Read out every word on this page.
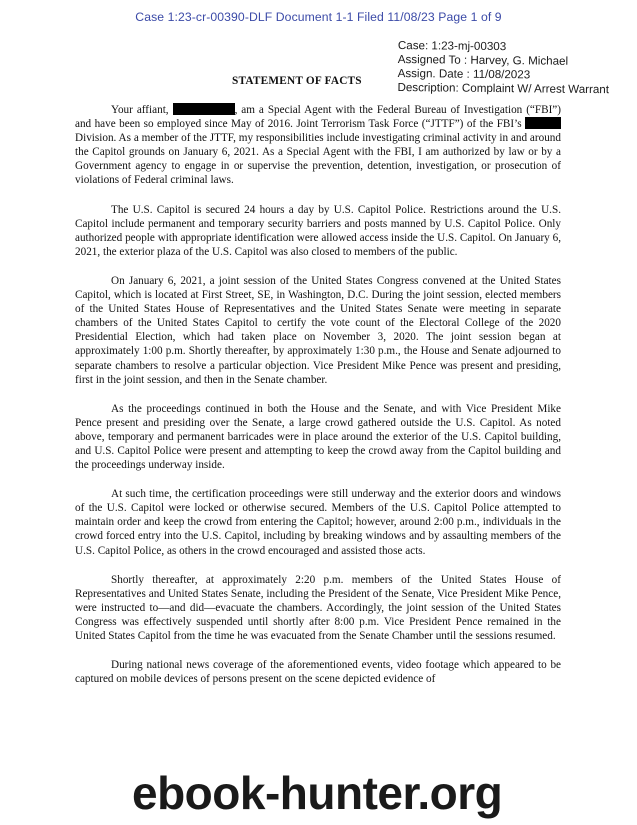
Case 1:23-cr-00390-DLF Document 1-1 Filed 11/08/23 Page 1 of 9
Case: 1:23-mj-00303
Assigned To : Harvey, G. Michael
Assign. Date : 11/08/2023
Description: Complaint W/ Arrest Warrant
STATEMENT OF FACTS

Your affiant,	, am a Special Agent with the Federal Bureau of Investigation (“FBI”) and have been so employed since May of 2016. Joint Terrorism Task Force (“JTTF”) of the FBI’s  Division. As a member of the JTTF, my responsibilities include investigating criminal activity in and around the Capitol grounds on January 6, 2021. As a Special Agent with the FBI, I am authorized by law or by a Government agency to engage in or supervise the prevention, detention, investigation, or prosecution of violations of Federal criminal laws.

The U.S. Capitol is secured 24 hours a day by U.S. Capitol Police. Restrictions around the U.S. Capitol include permanent and temporary security barriers and posts manned by U.S. Capitol Police. Only authorized people with appropriate identification were allowed access inside the U.S. Capitol. On January 6, 2021, the exterior plaza of the U.S. Capitol was also closed to members of the public.

On January 6, 2021, a joint session of the United States Congress convened at the United States Capitol, which is located at First Street, SE, in Washington, D.C. During the joint session, elected members of the United States House of Representatives and the United States Senate were meeting in separate chambers of the United States Capitol to certify the vote count of the Electoral College of the 2020 Presidential Election, which had taken place on November 3, 2020. The joint session began at approximately 1:00 p.m. Shortly thereafter, by approximately 1:30 p.m., the House and Senate adjourned to separate chambers to resolve a particular objection. Vice President Mike Pence was present and presiding, first in the joint session, and then in the Senate chamber.

As the proceedings continued in both the House and the Senate, and with Vice President Mike Pence present and presiding over the Senate, a large crowd gathered outside the U.S. Capitol. As noted above, temporary and permanent barricades were in place around the exterior of the U.S. Capitol building, and U.S. Capitol Police were present and attempting to keep the crowd away from the Capitol building and the proceedings underway inside.

At such time, the certification proceedings were still underway and the exterior doors and windows of the U.S. Capitol were locked or otherwise secured. Members of the U.S. Capitol Police attempted to maintain order and keep the crowd from entering the Capitol; however, around 2:00 p.m., individuals in the crowd forced entry into the U.S. Capitol, including by breaking windows and by assaulting members of the U.S. Capitol Police, as others in the crowd encouraged and assisted those acts.

Shortly thereafter, at approximately 2:20 p.m. members of the United States House of Representatives and United States Senate, including the President of the Senate, Vice President Mike Pence, were instructed to—and did—evacuate the chambers. Accordingly, the joint session of the United States Congress was effectively suspended until shortly after 8:00 p.m. Vice President Pence remained in the United States Capitol from the time he was evacuated from the Senate Chamber until the sessions resumed.

During national news coverage of the aforementioned events, video footage which appeared to be captured on mobile devices of persons present on the scene depicted evidence of

ebook-hunter.org
